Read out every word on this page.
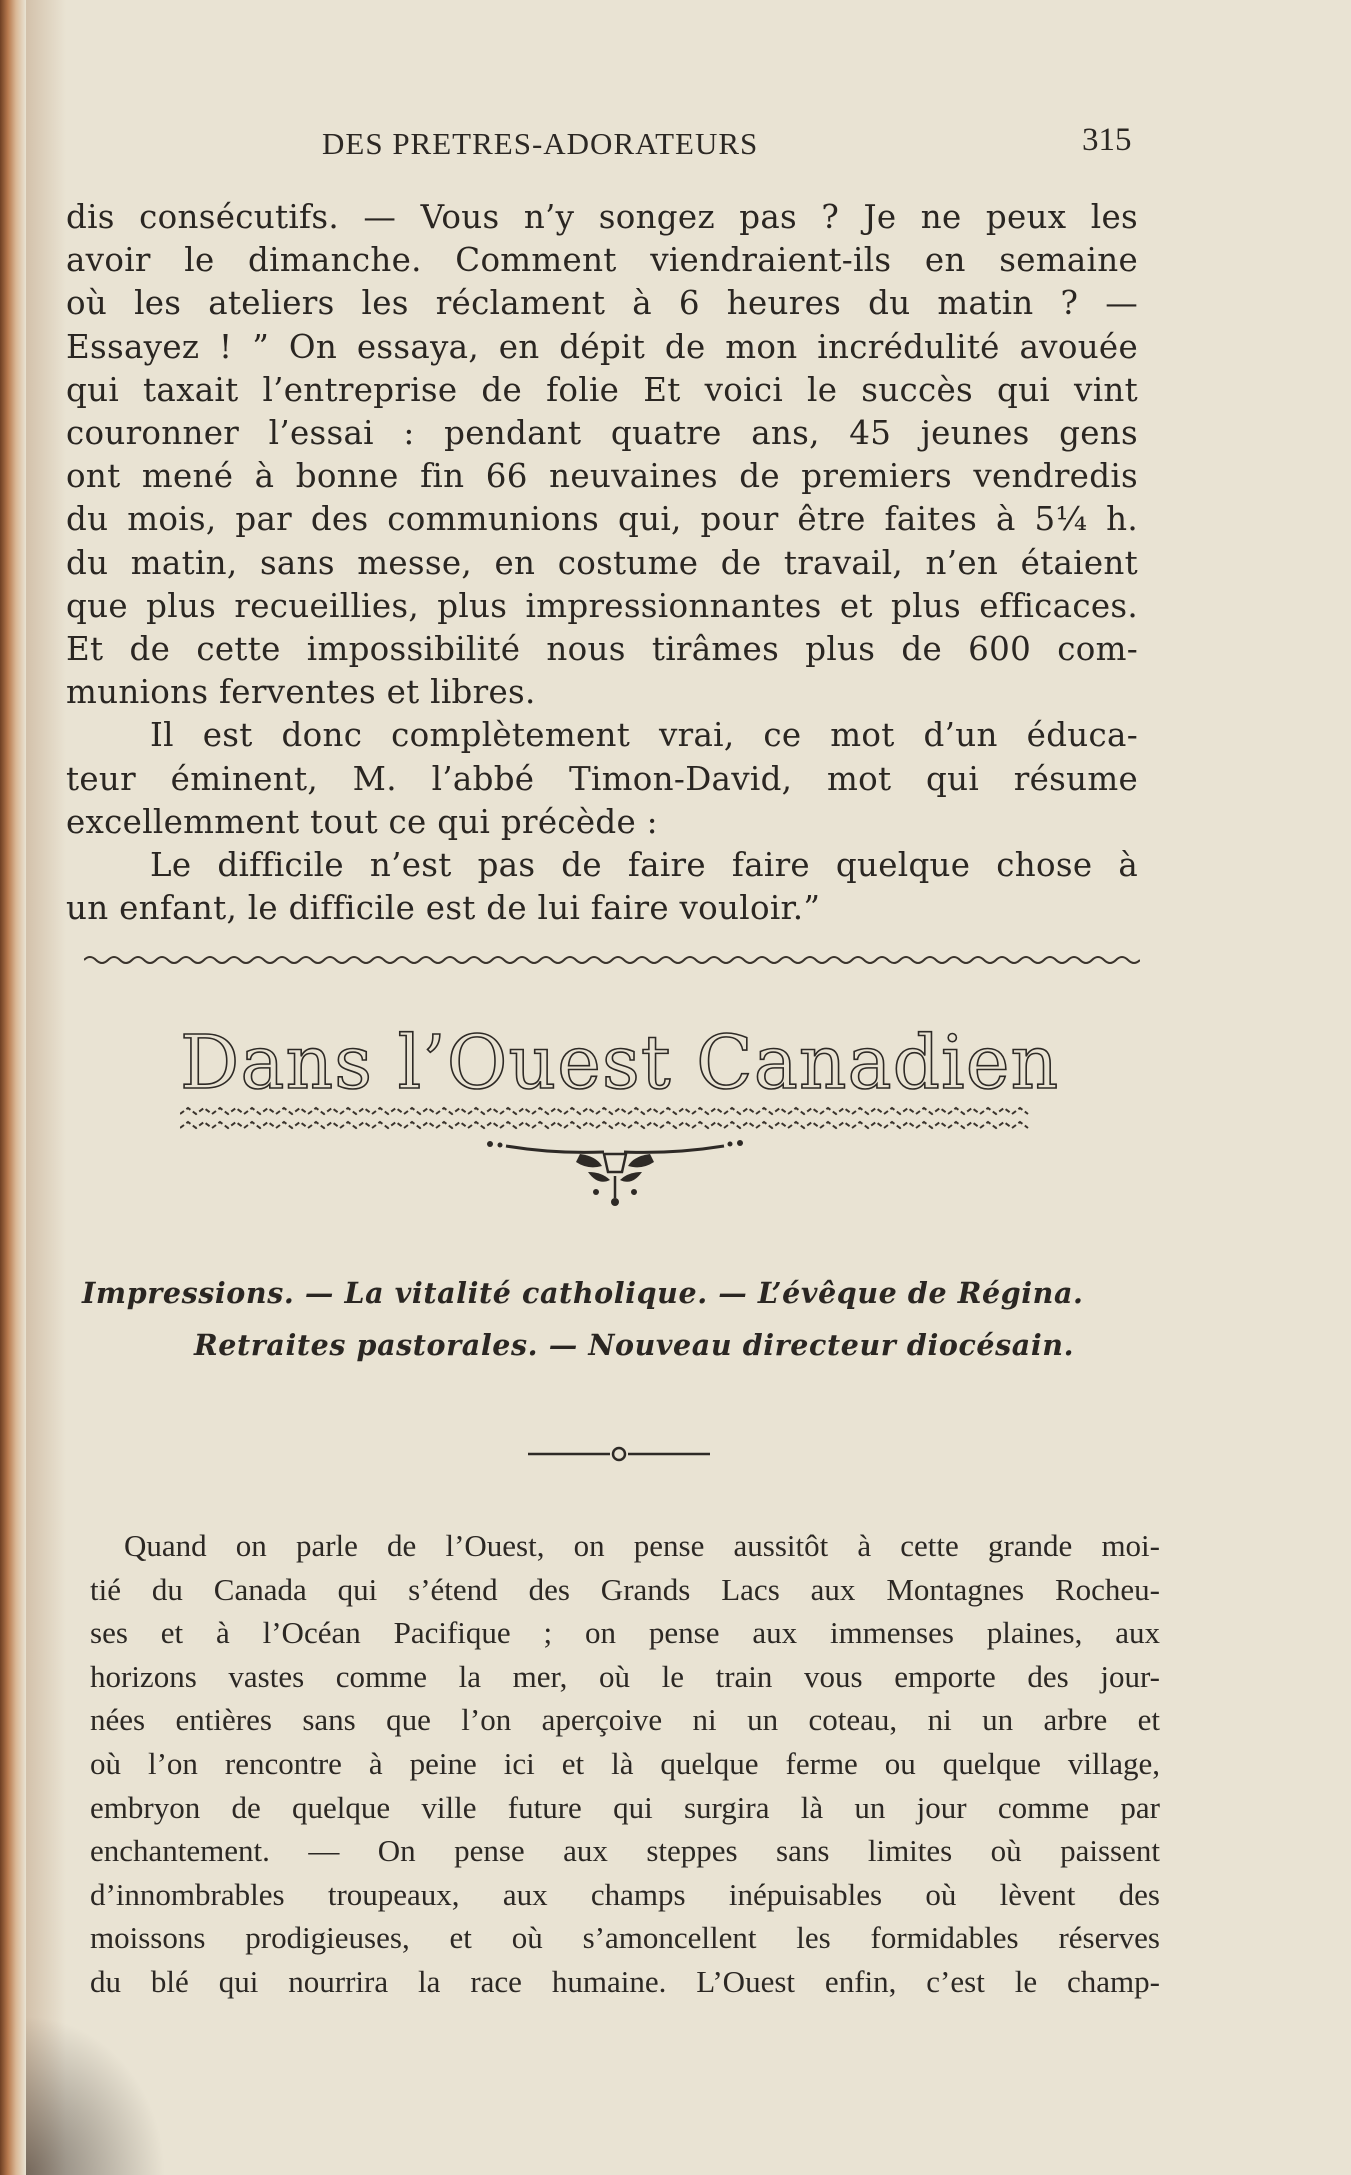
DES PRETRES-ADORATEURS	315
dis consécutifs. — Vous n’y songez pas ? Je ne peux les
avoir le dimanche. Comment viendraient-ils en semaine
où les ateliers les réclament à 6 heures du matin ? —
Essayez ! ” On essaya, en dépit de mon incrédulité avouée
qui taxait l’entreprise de folie Et voici le succès qui vint
couronner l’essai : pendant quatre ans, 45 jeunes gens
ont mené à bonne fin 66 neuvaines de premiers vendredis
du mois, par des communions qui, pour être faites à 5¼ h.
du matin, sans messe, en costume de travail, n’en étaient
que plus recueillies, plus impressionnantes et plus efficaces.
Et de cette impossibilité nous tirâmes plus de 600 com-
munions ferventes et libres.
Il est donc complètement vrai, ce mot d’un éduca-
teur éminent, M. l’abbé Timon-David, mot qui résume
excellemment tout ce qui précède :
Le difficile n’est pas de faire faire quelque chose à
un enfant, le difficile est de lui faire vouloir.”
Dans l’Ouest Canadien
Impressions. — La vitalité catholique. — L’évêque de Régina.
Retraites pastorales. — Nouveau directeur diocésain.
Quand on parle de l’Ouest, on pense aussitôt à cette grande moi-
tié du Canada qui s’étend des Grands Lacs aux Montagnes Rocheu-
ses et à l’Océan Pacifique ; on pense aux immenses plaines, aux
horizons vastes comme la mer, où le train vous emporte des jour-
nées entières sans que l’on aperçoive ni un coteau, ni un arbre et
où l’on rencontre à peine ici et là quelque ferme ou quelque village,
embryon de quelque ville future qui surgira là un jour comme par
enchantement. — On pense aux steppes sans limites où paissent
d’innombrables troupeaux, aux champs inépuisables où lèvent des
moissons prodigieuses, et où s’amoncellent les formidables réserves
du blé qui nourrira la race humaine. L’Ouest enfin, c’est le champ-
